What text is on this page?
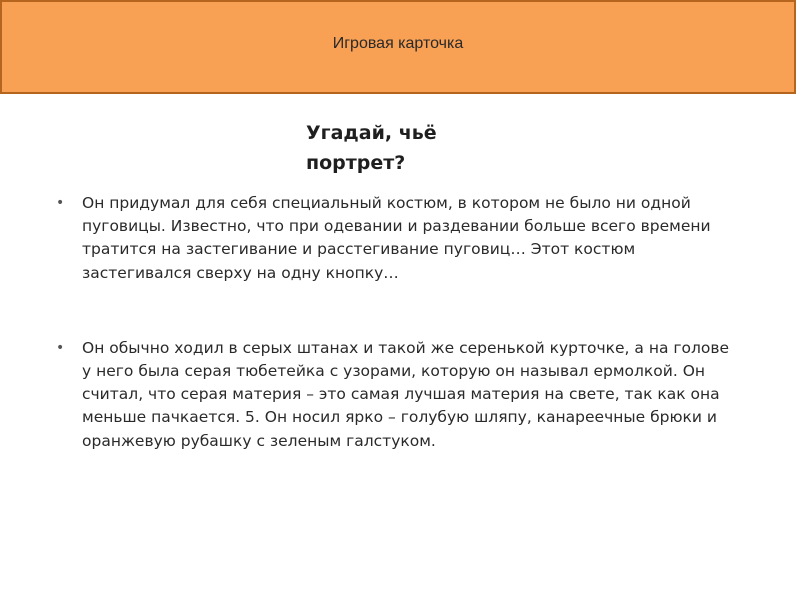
Игровая карточка
Угадай, чьё
портрет?
• Он придумал для себя специальный костюм, в котором не было ни одной пуговицы. Известно, что при одевании и раздевании больше всего времени тратится на застегивание и расстегивание пуговиц… Этот костюм застегивался сверху на одну кнопку…
• Он обычно ходил в серых штанах и такой же серенькой курточке, а на голове у него была серая тюбетейка с узорами, которую он называл ермолкой. Он считал, что серая материя – это самая лучшая материя на свете, так как она меньше пачкается. 5. Он носил ярко – голубую шляпу, канареечные брюки и оранжевую рубашку с зеленым галстуком.
